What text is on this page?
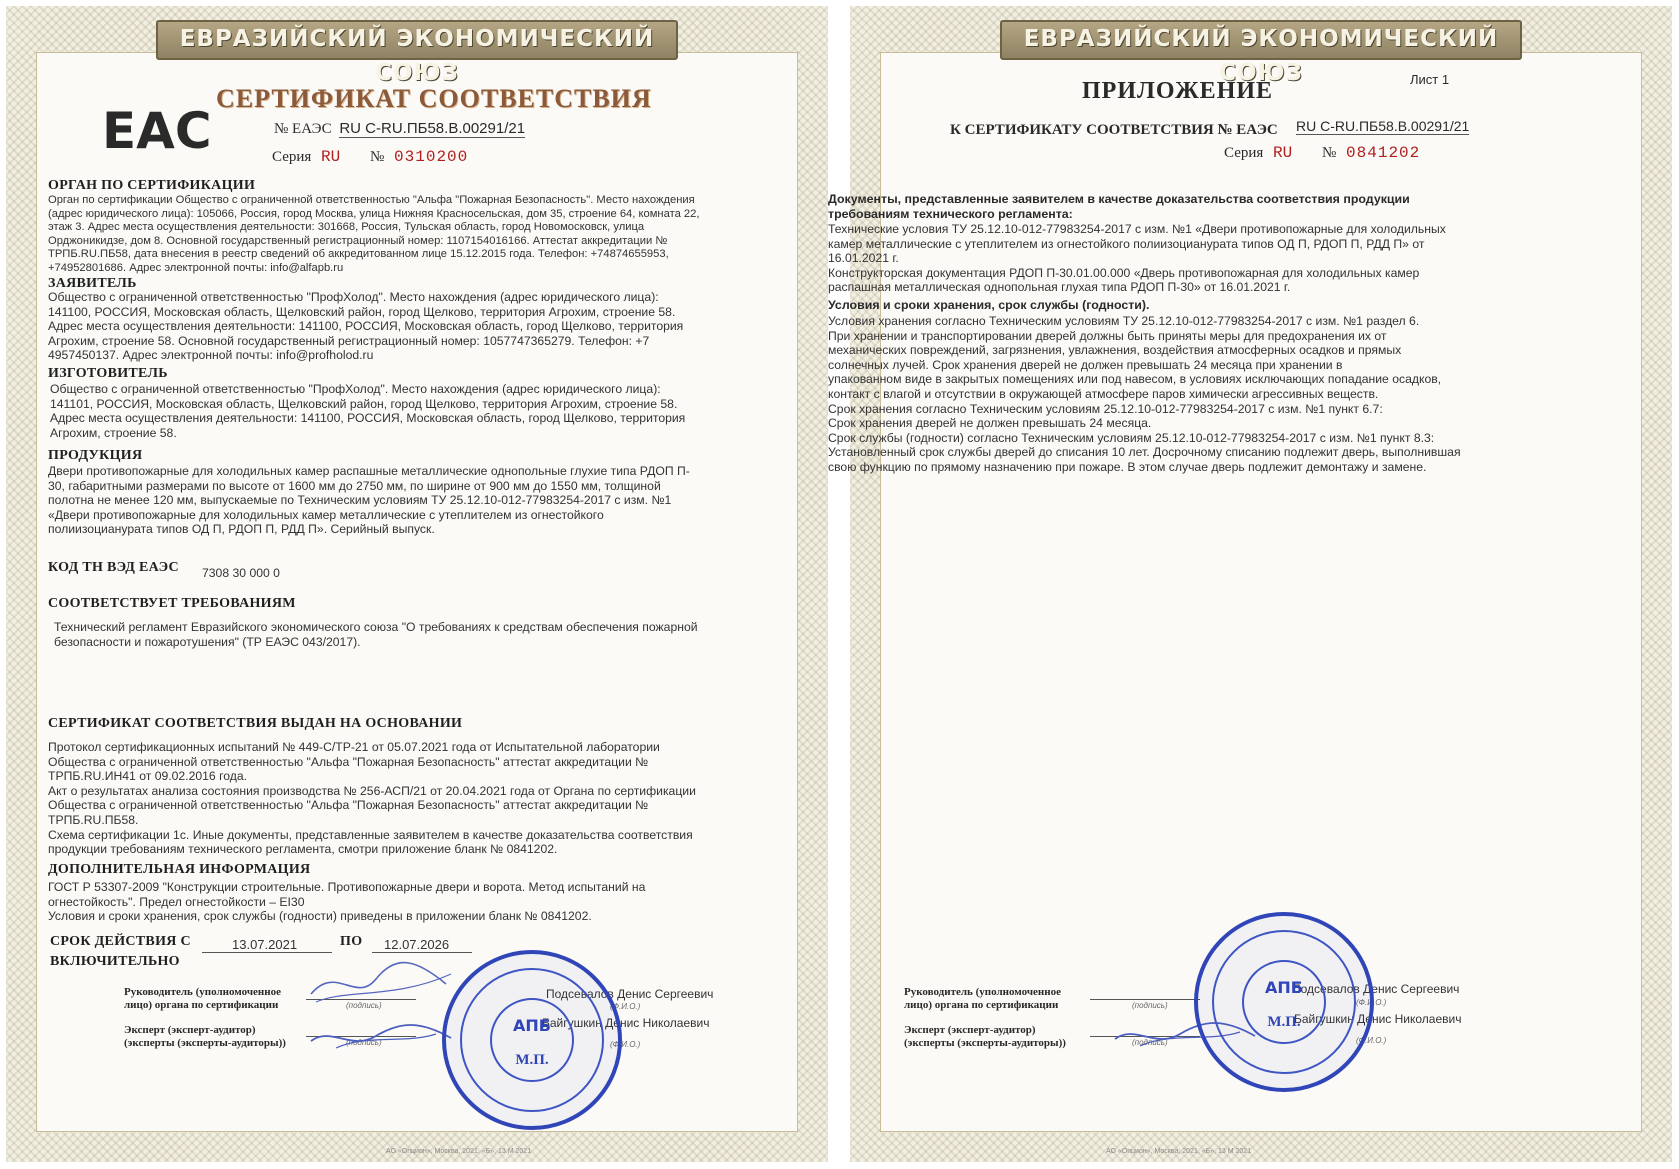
ЕВРАЗИЙСКИЙ ЭКОНОМИЧЕСКИЙ СОЮЗ
СЕРТИФИКАТ СООТВЕТСТВИЯ
ЕАС	№ ЕАЭС RU C-RU.ПБ58.В.00291/21
Серия RU № 0310200
ОРГАН ПО СЕРТИФИКАЦИИ
Орган по сертификации Общество с ограниченной ответственностью "Альфа "Пожарная Безопасность". Место нахождения
(адрес юридического лица): 105066, Россия, город Москва, улица Нижняя Красносельская, дом 35, строение 64, комната 22,
этаж 3. Адрес места осуществления деятельности: 301668, Россия, Тульская область, город Новомосковск, улица
Орджоникидзе, дом 8. Основной государственный регистрационный номер: 1107154016166. Аттестат аккредитации №
ТРПБ.RU.ПБ58, дата внесения в реестр сведений об аккредитованном лице 15.12.2015 года. Телефон: +74874655953,
+74952801686. Адрес электронной почты: info@alfapb.ru
ЗАЯВИТЕЛЬ
Общество с ограниченной ответственностью "ПрофХолод". Место нахождения (адрес юридического лица):
141100, РОССИЯ, Московская область, Щелковский район, город Щелково, территория Агрохим, строение 58.
Адрес места осуществления деятельности: 141100, РОССИЯ, Московская область, город Щелково, территория
Агрохим, строение 58. Основной государственный регистрационный номер: 1057747365279. Телефон: +7
4957450137. Адрес электронной почты: info@profholod.ru
ИЗГОТОВИТЕЛЬ
Общество с ограниченной ответственностью "ПрофХолод". Место нахождения (адрес юридического лица):
141101, РОССИЯ, Московская область, Щелковский район, город Щелково, территория Агрохим, строение 58.
Адрес места осуществления деятельности: 141100, РОССИЯ, Московская область, город Щелково, территория
Агрохим, строение 58.
ПРОДУКЦИЯ
Двери противопожарные для холодильных камер распашные металлические однопольные глухие типа РДОП П-
30, габаритными размерами по высоте от 1600 мм до 2750 мм, по ширине от 900 мм до 1550 мм, толщиной
полотна не менее 120 мм, выпускаемые по Техническим условиям ТУ 25.12.10-012-77983254-2017 с изм. №1
«Двери противопожарные для холодильных камер металлические с утеплителем из огнестойкого
полиизоцианурата типов ОД П, РДОП П, РДД П». Серийный выпуск.
КОД ТН ВЭД ЕАЭС 7308 30 000 0
СООТВЕТСТВУЕТ ТРЕБОВАНИЯМ
Технический регламент Евразийского экономического союза "О требованиях к средствам обеспечения пожарной
безопасности и пожаротушения" (ТР ЕАЭС 043/2017).
СЕРТИФИКАТ СООТВЕТСТВИЯ ВЫДАН НА ОСНОВАНИИ
Протокол сертификационных испытаний № 449-С/ТР-21 от 05.07.2021 года от Испытательной лаборатории
Общества с ограниченной ответственностью "Альфа "Пожарная Безопасность" аттестат аккредитации №
ТРПБ.RU.ИН41 от 09.02.2016 года.
Акт о результатах анализа состояния производства № 256-АСП/21 от 20.04.2021 года от Органа по сертификации
Общества с ограниченной ответственностью "Альфа "Пожарная Безопасность" аттестат аккредитации №
ТРПБ.RU.ПБ58.
Схема сертификации 1с. Иные документы, представленные заявителем в качестве доказательства соответствия
продукции требованиям технического регламента, смотри приложение бланк № 0841202.
ДОПОЛНИТЕЛЬНАЯ ИНФОРМАЦИЯ
ГОСТ Р 53307-2009 "Конструкции строительные. Противопожарные двери и ворота. Метод испытаний на
огнестойкость". Предел огнестойкости – EI30
Условия и сроки хранения, срок службы (годности) приведены в приложении бланк № 0841202.
СРОК ДЕЙСТВИЯ С	13.07.2021	ПО 12.07.2026
ВКЛЮЧИТЕЛЬНО
Руководитель (уполномоченное
лицо) органа по сертификации	(подпись)
Подсевалов Денис Сергеевич
(Ф.И.О.)
Эксперт (эксперт-аудитор)
(эксперты (эксперты-аудиторы))	(подпись)
Байгушкин Денис Николаевич
(Ф.И.О.)
АПБ
М.П.
АО «Опцион», Москва, 2021, «Б», 13 М 2021
ЕВРАЗИЙСКИЙ ЭКОНОМИЧЕСКИЙ СОЮЗ
ПРИЛОЖЕНИЕ	Лист 1
К СЕРТИФИКАТУ СООТВЕТСТВИЯ № ЕАЭС RU C-RU.ПБ58.В.00291/21
Серия RU № 0841202
Документы, представленные заявителем в качестве доказательства соответствия продукции
требованиям технического регламента:
Технические условия ТУ 25.12.10-012-77983254-2017 с изм. №1 «Двери противопожарные для холодильных
камер металлические с утеплителем из огнестойкого полиизоцианурата типов ОД П, РДОП П, РДД П» от
16.01.2021 г.
Конструкторская документация РДОП П-30.01.00.000 «Дверь противопожарная для холодильных камер
распашная металлическая однопольная глухая типа РДОП П-30» от 16.01.2021 г.
Условия и сроки хранения, срок службы (годности).
Условия хранения согласно Техническим условиям ТУ 25.12.10-012-77983254-2017 с изм. №1 раздел 6.
При хранении и транспортировании дверей должны быть приняты меры для предохранения их от
механических повреждений, загрязнения, увлажнения, воздействия атмосферных осадков и прямых
солнечных лучей. Срок хранения дверей не должен превышать 24 месяца при хранении в
упакованном виде в закрытых помещениях или под навесом, в условиях исключающих попадание осадков,
контакт с влагой и отсутствии в окружающей атмосфере паров химически агрессивных веществ.
Срок хранения согласно Техническим условиям 25.12.10-012-77983254-2017 с изм. №1 пункт 6.7:
Срок хранения дверей не должен превышать 24 месяца.
Срок службы (годности) согласно Техническим условиям 25.12.10-012-77983254-2017 с изм. №1 пункт 8.3:
Установленный срок службы дверей до списания 10 лет. Досрочному списанию подлежит дверь, выполнившая
свою функцию по прямому назначению при пожаре. В этом случае дверь подлежит демонтажу и замене.
Руководитель (уполномоченное
лицо) органа по сертификации	(подпись)
Подсевалов Денис Сергеевич
(Ф.И.О.)
Эксперт (эксперт-аудитор)
(эксперты (эксперты-аудиторы))	(подпись)
Байгушкин Денис Николаевич
(Ф.И.О.)
АПБ
М.П.
АО «Опцион», Москва, 2021, «Б», 13 М 2021
